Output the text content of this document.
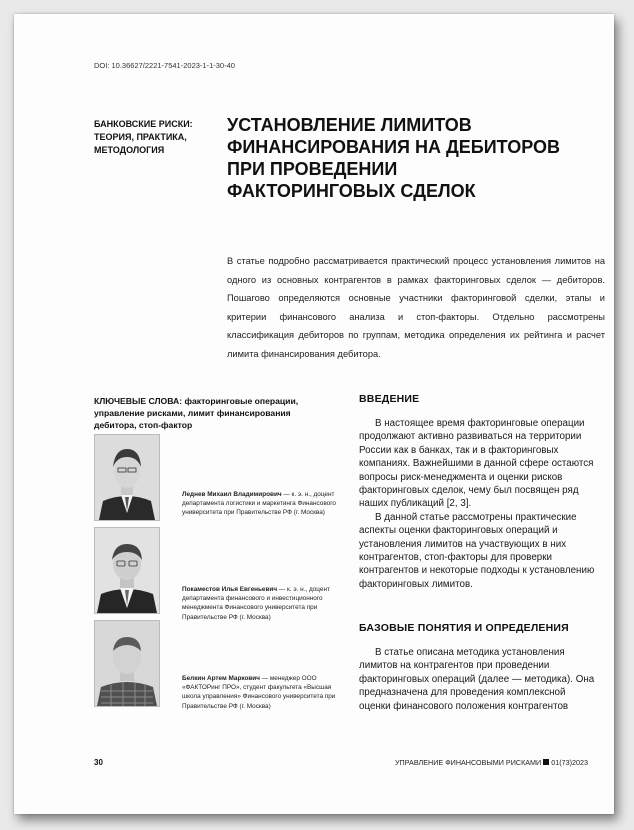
DOI: 10.36627/2221-7541-2023-1-1-30-40
БАНКОВСКИЕ РИСКИ: ТЕОРИЯ, ПРАКТИКА, МЕТОДОЛОГИЯ
УСТАНОВЛЕНИЕ ЛИМИТОВ ФИНАНСИРОВАНИЯ НА ДЕБИТОРОВ ПРИ ПРОВЕДЕНИИ ФАКТОРИНГОВЫХ СДЕЛОК
В статье подробно рассматривается практический процесс установления лимитов на одного из основных контрагентов в рамках факторинговых сделок — дебиторов. Пошагово определяются основные участники факторинговой сделки, этапы и критерии финансового анализа и стоп-факторы. Отдельно рассмотрены классификация дебиторов по группам, методика определения их рейтинга и расчет лимита финансирования дебитора.
КЛЮЧЕВЫЕ СЛОВА: факторинговые операции, управление рисками, лимит финансирования дебитора, стоп-фактор
Леднев Михаил Владимирович — к. э. н., доцент департамента логистики и маркетинга Финансового университета при Правительстве РФ (г. Москва)
Покаместов Илья Евгеньевич — к. э. н., доцент департамента финансового и инвестиционного менеджмента Финансового университета при Правительстве РФ (г. Москва)
Белкин Артем Маркович — менеджер ООО «ФАКТОРинг ПРО», студент факультета «Высшая школа управления» Финансового университета при Правительстве РФ (г. Москва)
ВВЕДЕНИЕ

В настоящее время факторинговые операции продолжают активно развиваться на территории России как в банках, так и в факторинговых компаниях. Важнейшими в данной сфере остаются вопросы риск-менеджмента и оценки рисков факторинговых сделок, чему был посвящен ряд наших публикаций [2, 3].

В данной статье рассмотрены практические аспекты оценки факторинговых операций и установления лимитов на участвующих в них контрагентов, стоп-факторы для проверки контрагентов и некоторые подходы к установлению факторинговых лимитов.

БАЗОВЫЕ ПОНЯТИЯ И ОПРЕДЕЛЕНИЯ

В статье описана методика установления лимитов на контрагентов при проведении факторинговых операций (далее — методика). Она предназначена для проведения комплексной оценки финансового положения контрагентов

30	УПРАВЛЕНИЕ ФИНАНСОВЫМИ РИСКАМИ 01(73)2023
